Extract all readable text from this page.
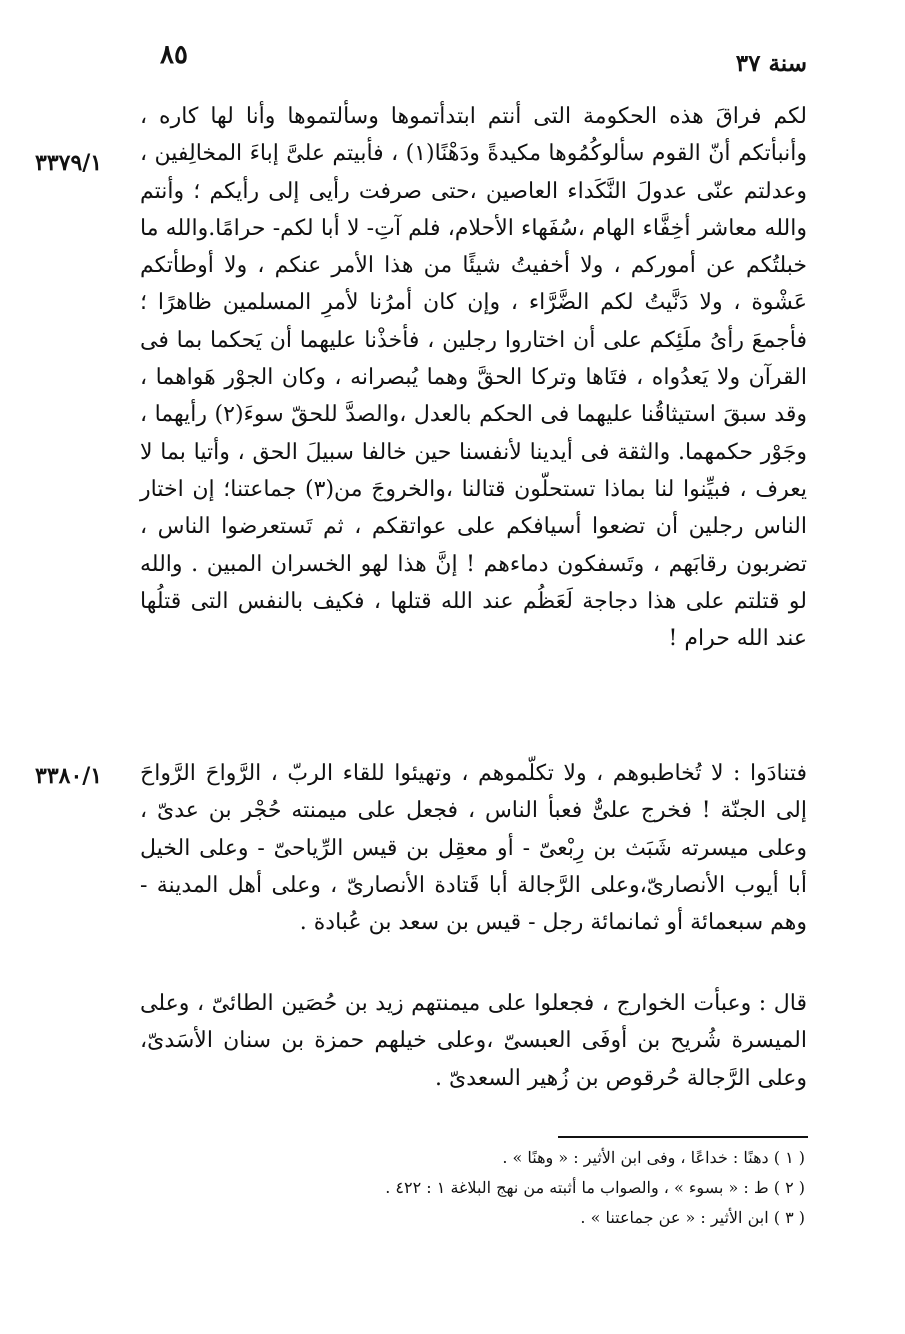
٨٥	سنة ٣٧
٣٣٧٩/١
٣٣٨٠/١

لكم فراقَ هذه الحكومة التى أنتم ابتدأتموها وسألتموها وأنا لها كاره ، وأنبأتكم أنّ القوم سألوكُمُوها مكيدةً ودَهْنًا(١) ، فأبيتم علىَّ إباءَ المخالِفين ، وعدلتم عنّى عدولَ النَّكَداء العاصين ،حتى صرفت رأيى إلى رأيكم ؛ وأنتم والله معاشر أخِفَّاء الهام ،سُفَهاء الأحلام، فلم آتِ- لا أبا لكم- حرامًا.والله ما خبلتُكم عن أموركم ، ولا أخفيتُ شيئًا من هذا الأمر عنكم ، ولا أوطأتكم عَشْوة ، ولا دَنَّيتُ لكم الضَّرَّاء ، وإن كان أمرُنا لأمرِ المسلمين ظاهرًا ؛ فأجمعَ رأىُ ملَئِكم على أن اختاروا رجلين ، فأخذْنا عليهما أن يَحكما بما فى القرآن ولا يَعدُواه ، فتَاها وتركا الحقَّ وهما يُبصرانه ، وكان الجوْر هَواهما ، وقد سبقَ استيثاقُنا عليهما فى الحكم بالعدل ،والصدَّ للحقّ سوءَ(٢) رأيهما ، وجَوْر حكمهما. والثقة فى أيدينا لأنفسنا حين خالفا سبيلَ الحق ، وأتيا بما لا يعرف ، فبيِّنوا لنا بماذا تستحلّون قتالنا ،والخروجَ من(٣) جماعتنا؛ إن اختار الناس رجلين أن تضعوا أسيافكم على عواتقكم ، ثم تَستعرضوا الناس ، تضربون رقابَهم ، وتَسفكون دماءهم ! إنَّ هذا لهو الخسران المبين . والله لو قتلتم على هذا دجاجة لَعَظُم عند الله قتلها ، فكيف بالنفس التى قتلُها عند الله حرام !

فتنادَوا : لا تُخاطبوهم ، ولا تكلّموهم ، وتهيئوا للقاء الربّ ، الرَّواحَ الرَّواحَ إلى الجنّة ! فخرج علىٌّ فعبأ الناس ، فجعل على ميمنته حُجْر بن عدىّ ، وعلى ميسرته شَبَث بن رِبْعىّ - أو معقِل بن قيس الرِّياحىّ - وعلى الخيل أبا أيوب الأنصارىّ،وعلى الرَّجالة أبا قَتادة الأنصارىّ ، وعلى أهل المدينة - وهم سبعمائة أو ثمانمائة رجل - قيس بن سعد بن عُبادة .

قال : وعبأت الخوارج ، فجعلوا على ميمنتهم زيد بن حُصَين الطائىّ ، وعلى الميسرة شُريح بن أوفَى العبسىّ ،وعلى خيلهم حمزة بن سنان الأسَدىّ، وعلى الرَّجالة حُرقوص بن زُهير السعدىّ .

( ١ ) دهنًا : خداعًا ، وفى ابن الأثير : « وهنًا » .
( ٢ ) ط : « بسوء » ، والصواب ما أثبته من نهج البلاغة ١ : ٤٢٢ .
( ٣ ) ابن الأثير : « عن جماعتنا » .
